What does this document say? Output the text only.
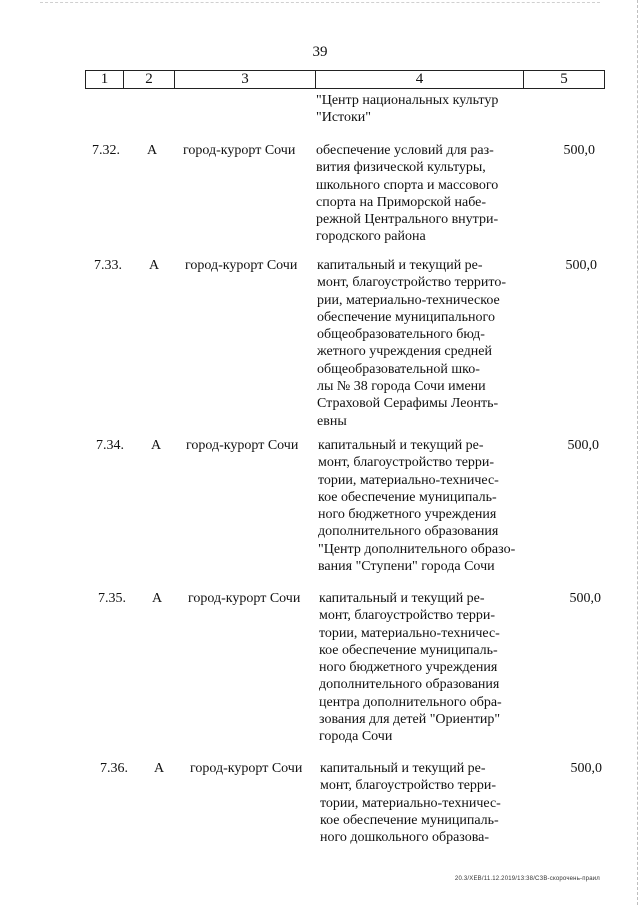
39
1	2	3	4	5
"Центр национальных культур "Истоки"
7.32.	А город-курорт Сочи	обеспечение условий для раз-
вития физической культуры,
школьного спорта и массового
спорта на Приморской набе-
режной Центрального внутри-
городского района
500,0
7.33.	А город-курорт Сочи	капитальный и текущий ре-
монт, благоустройство террито-
рии, материально-техническое
обеспечение муниципального
общеобразовательного бюд-
жетного учреждения средней
общеобразовательной шко-
лы № 38 города Сочи имени
Страховой Серафимы Леонть-
евны
500,0
7.34.	А город-курорт Сочи	капитальный и текущий ре-
монт, благоустройство терри-
тории, материально-техничес-
кое обеспечение муниципаль-
ного бюджетного учреждения
дополнительного образования
"Центр дополнительного образо-
вания "Ступени" города Сочи
500,0
7.35.	А город-курорт Сочи	капитальный и текущий ре-
монт, благоустройство терри-
тории, материально-техничес-
кое обеспечение муниципаль-
ного бюджетного учреждения
дополнительного образования
центра дополнительного обра-
зования для детей "Ориентир"
города Сочи
500,0
7.36.	А город-курорт Сочи	капитальный и текущий ре-
монт, благоустройство терри-
тории, материально-техничес-
кое обеспечение муниципаль-
ного дошкольного образова-
500,0
20.3/ХЕВ/11.12.2019/13:38/СЗВ-скорочень-праил
